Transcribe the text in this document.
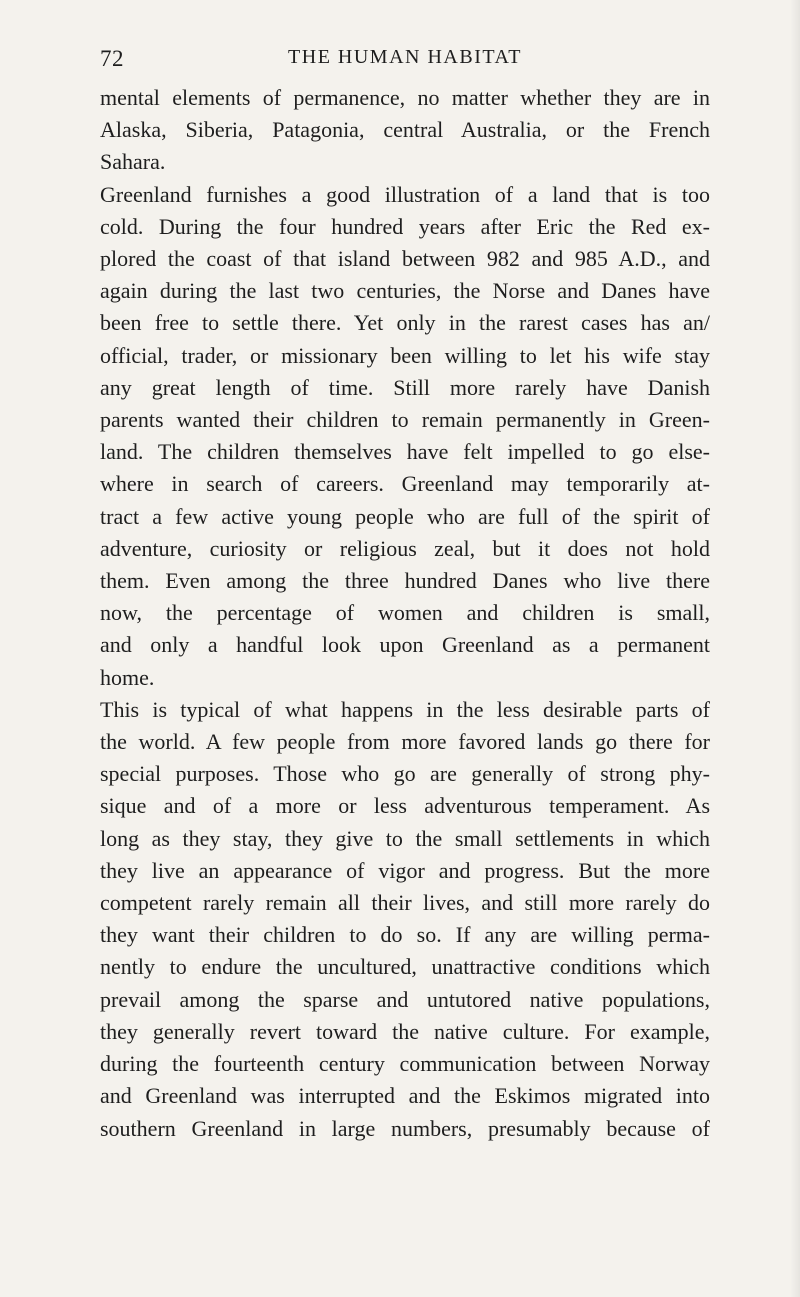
72	THE HUMAN HABITAT

mental elements of permanence, no matter whether they are in
Alaska, Siberia, Patagonia, central Australia, or the French
Sahara.

Greenland furnishes a good illustration of a land that is too
cold. During the four hundred years after Eric the Red ex-
plored the coast of that island between 982 and 985 A.D., and
again during the last two centuries, the Norse and Danes have
been free to settle there. Yet only in the rarest cases has an/
official, trader, or missionary been willing to let his wife stay
any great length of time. Still more rarely have Danish
parents wanted their children to remain permanently in Green-
land. The children themselves have felt impelled to go else-
where in search of careers. Greenland may temporarily at-
tract a few active young people who are full of the spirit of
adventure, curiosity or religious zeal, but it does not hold
them. Even among the three hundred Danes who live there
now, the percentage of women and children is small,
and only a handful look upon Greenland as a permanent
home.

This is typical of what happens in the less desirable parts of
the world. A few people from more favored lands go there for
special purposes. Those who go are generally of strong phy-
sique and of a more or less adventurous temperament. As
long as they stay, they give to the small settlements in which
they live an appearance of vigor and progress. But the more
competent rarely remain all their lives, and still more rarely do
they want their children to do so. If any are willing perma-
nently to endure the uncultured, unattractive conditions which
prevail among the sparse and untutored native populations,
they generally revert toward the native culture. For example,
during the fourteenth century communication between Norway
and Greenland was interrupted and the Eskimos migrated into
southern Greenland in large numbers, presumably because of
